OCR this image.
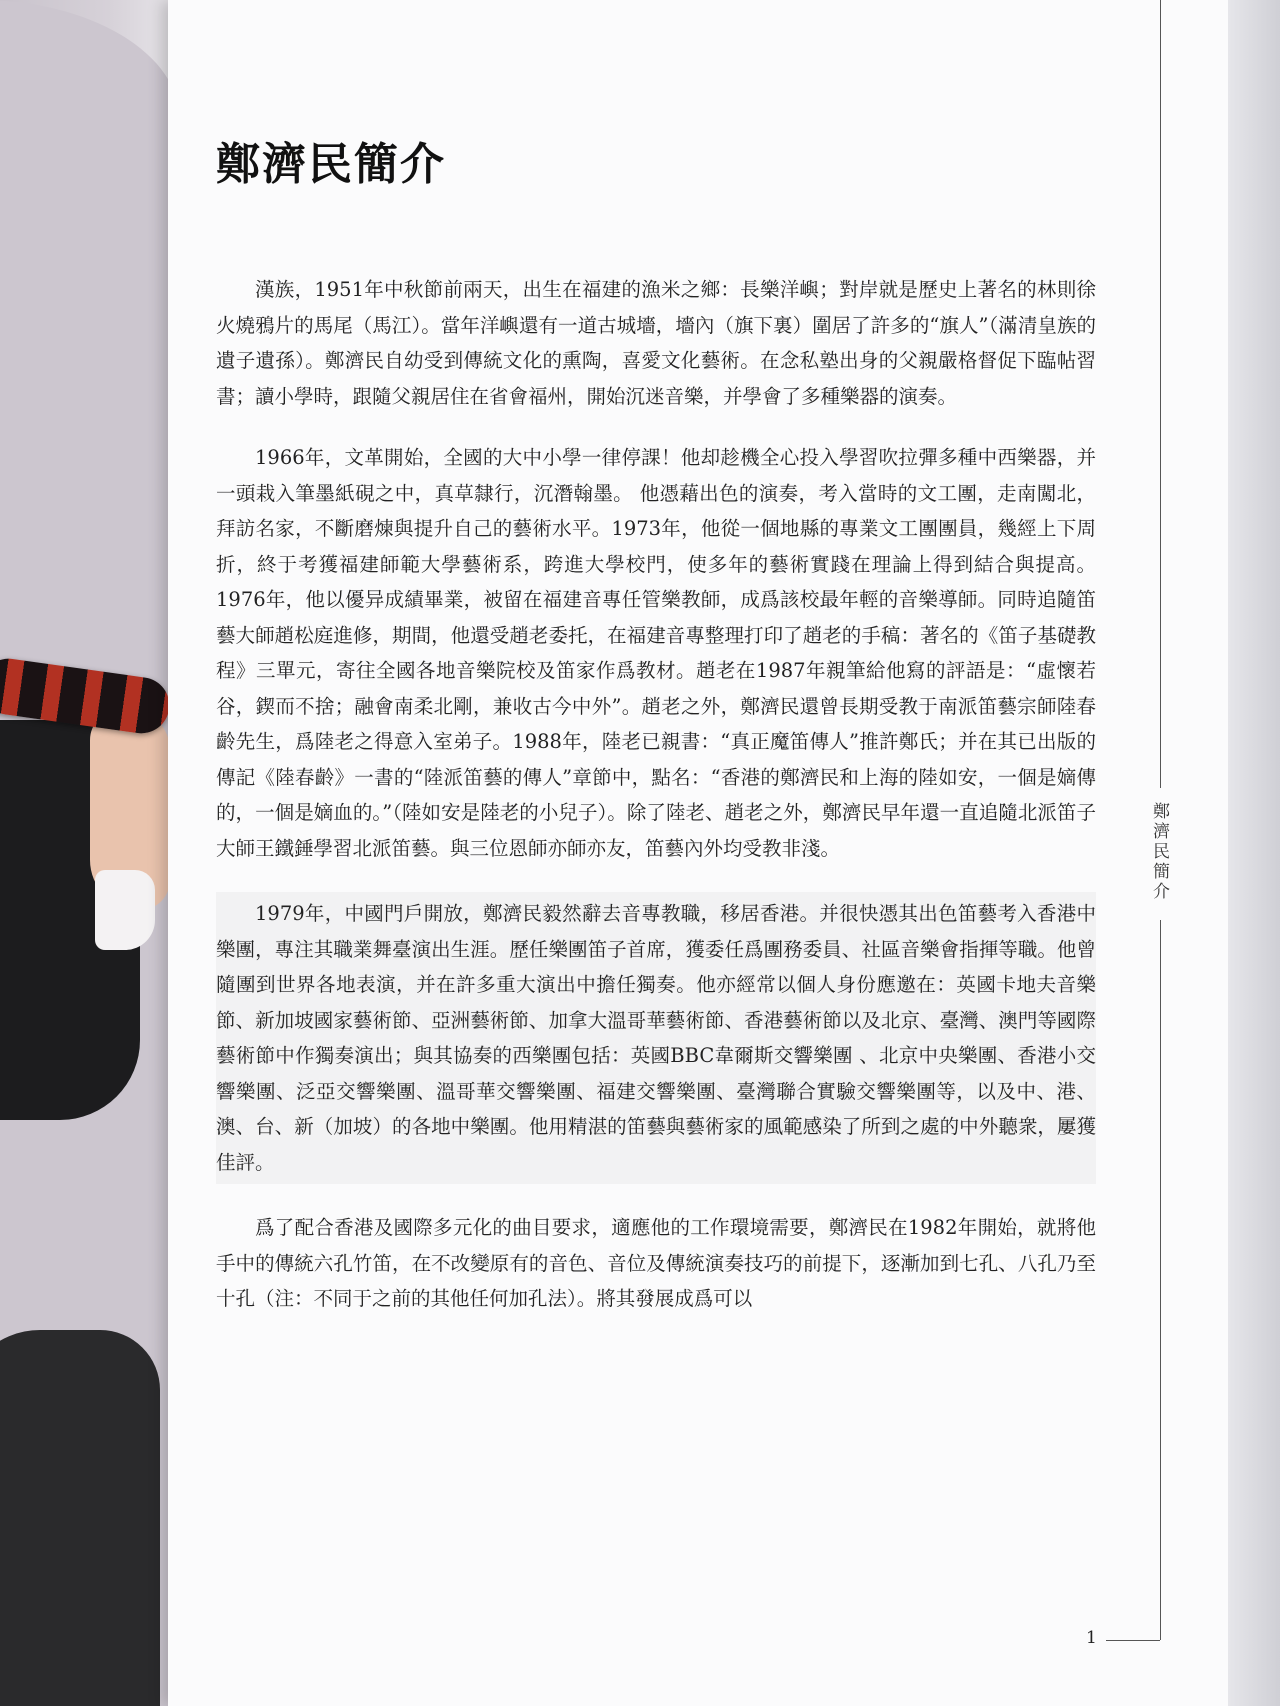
鄭濟民簡介

漢族，1951年中秋節前兩天，出生在福建的漁米之鄉：長樂洋嶼；對岸就是歷史上著名的林則徐火燒鴉片的馬尾（馬江）。當年洋嶼還有一道古城墻，墻內（旗下裏）圍居了許多的“旗人”（滿清皇族的遺子遺孫）。鄭濟民自幼受到傳統文化的熏陶，喜愛文化藝術。在念私塾出身的父親嚴格督促下臨帖習書；讀小學時，跟隨父親居住在省會福州，開始沉迷音樂，并學會了多種樂器的演奏。

1966年，文革開始，全國的大中小學一律停課！他却趁機全心投入學習吹拉彈多種中西樂器，并一頭栽入筆墨紙硯之中，真草隸行，沉潛翰墨。 他憑藉出色的演奏，考入當時的文工團，走南闖北，拜訪名家，不斷磨煉與提升自己的藝術水平。1973年，他從一個地縣的專業文工團團員，幾經上下周折，終于考獲福建師範大學藝術系，跨進大學校門，使多年的藝術實踐在理論上得到結合與提高。1976年，他以優异成績畢業，被留在福建音專任管樂教師，成爲該校最年輕的音樂導師。同時追隨笛藝大師趙松庭進修，期間，他還受趙老委托，在福建音專整理打印了趙老的手稿：著名的《笛子基礎教程》三單元，寄往全國各地音樂院校及笛家作爲教材。趙老在1987年親筆給他寫的評語是：“虛懷若谷，鍥而不捨；融會南柔北剛，兼收古今中外”。趙老之外，鄭濟民還曾長期受教于南派笛藝宗師陸春齡先生，爲陸老之得意入室弟子。1988年，陸老已親書：“真正魔笛傳人”推許鄭氏；并在其已出版的傳記《陸春齡》一書的“陸派笛藝的傳人”章節中，點名：“香港的鄭濟民和上海的陸如安，一個是嫡傳的，一個是嫡血的。”（陸如安是陸老的小兒子）。除了陸老、趙老之外，鄭濟民早年還一直追隨北派笛子大師王鐵錘學習北派笛藝。與三位恩師亦師亦友，笛藝內外均受教非淺。

1979年，中國門戶開放，鄭濟民毅然辭去音專教職，移居香港。并很快憑其出色笛藝考入香港中樂團，專注其職業舞臺演出生涯。歷任樂團笛子首席，獲委任爲團務委員、社區音樂會指揮等職。他曾隨團到世界各地表演，并在許多重大演出中擔任獨奏。他亦經常以個人身份應邀在：英國卡地夫音樂節、新加坡國家藝術節、亞洲藝術節、加拿大溫哥華藝術節、香港藝術節以及北京、臺灣、澳門等國際藝術節中作獨奏演出；與其協奏的西樂團包括：英國BBC韋爾斯交響樂團 、北京中央樂團、香港小交響樂團、泛亞交響樂團、溫哥華交響樂團、福建交響樂團、臺灣聯合實驗交響樂團等，以及中、港、澳、台、新（加坡）的各地中樂團。他用精湛的笛藝與藝術家的風範感染了所到之處的中外聽衆，屢獲佳評。

爲了配合香港及國際多元化的曲目要求，適應他的工作環境需要，鄭濟民在1982年開始，就將他手中的傳統六孔竹笛，在不改變原有的音色、音位及傳統演奏技巧的前提下，逐漸加到七孔、八孔乃至十孔（注：不同于之前的其他任何加孔法）。將其發展成爲可以

鄭濟民簡介
1
